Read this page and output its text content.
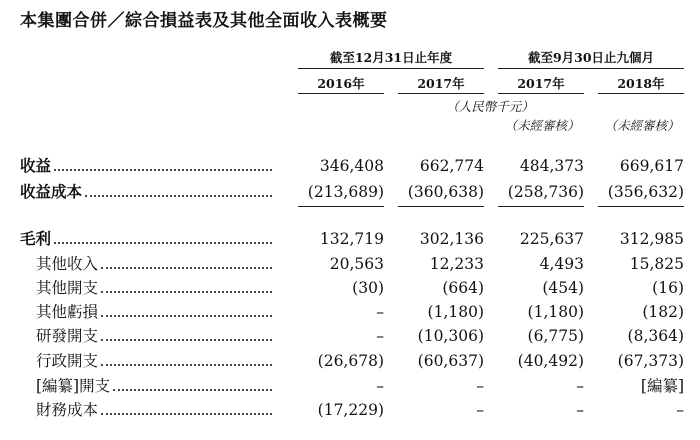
本集團合併／綜合損益表及其他全面收入表概要
截至12月31日止年度	截至9月30日止九個月
2016年	2017年	2017年	2018年
（人民幣千元）
（未經審核）	（未經審核）
收益	346,408	662,774	484,373	669,617
收益成本	(213,689)	(360,638)	(258,736)	(356,632)
毛利	132,719	302,136	225,637	312,985
其他收入	20,563	12,233	4,493	15,825
其他開支	(30)	(664)	(454)	(16)
其他虧損	–	(1,180)	(1,180)	(182)
研發開支	–	(10,306)	(6,775)	(8,364)
行政開支	(26,678)	(60,637)	(40,492)	(67,373)
[編纂]開支	–	–	–	[編纂]
財務成本	(17,229)	–	–	–
